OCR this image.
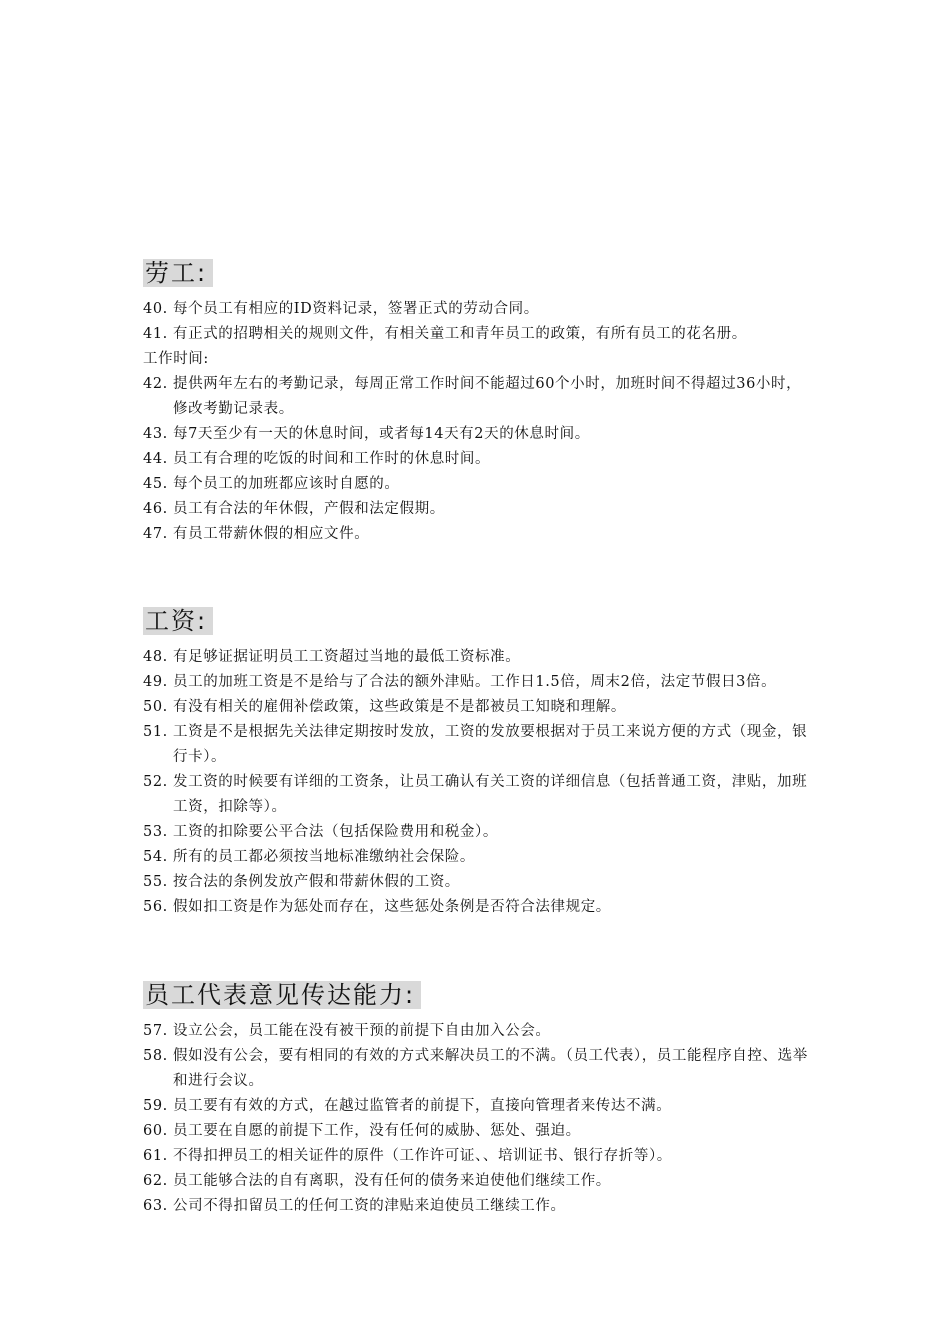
劳工:
40. 每个员工有相应的ID资料记录，签署正式的劳动合同。
41. 有正式的招聘相关的规则文件，有相关童工和青年员工的政策，有所有员工的花名册。

工作时间:

42. 提供两年左右的考勤记录，每周正常工作时间不能超过60个小时，加班时间不得超过36小时，修改考勤记录表。
43. 每7天至少有一天的休息时间，或者每14天有2天的休息时间。
44. 员工有合理的吃饭的时间和工作时的休息时间。
45. 每个员工的加班都应该时自愿的。
46. 员工有合法的年休假，产假和法定假期。
47. 有员工带薪休假的相应文件。
工资:
48. 有足够证据证明员工工资超过当地的最低工资标准。
49. 员工的加班工资是不是给与了合法的额外津贴。工作日1.5倍，周末2倍，法定节假日3倍。
50. 有没有相关的雇佣补偿政策，这些政策是不是都被员工知晓和理解。
51. 工资是不是根据先关法律定期按时发放，工资的发放要根据对于员工来说方便的方式（现金，银行卡）。
52. 发工资的时候要有详细的工资条，让员工确认有关工资的详细信息（包括普通工资，津贴，加班工资，扣除等）。
53. 工资的扣除要公平合法（包括保险费用和税金）。
54. 所有的员工都必须按当地标准缴纳社会保险。
55. 按合法的条例发放产假和带薪休假的工资。
56. 假如扣工资是作为惩处而存在，这些惩处条例是否符合法律规定。
员工代表意见传达能力:
57. 设立公会，员工能在没有被干预的前提下自由加入公会。
58. 假如没有公会，要有相同的有效的方式来解决员工的不满。（员工代表），员工能程序自控、选举和进行会议。
59. 员工要有有效的方式，在越过监管者的前提下，直接向管理者来传达不满。
60. 员工要在自愿的前提下工作，没有任何的威胁、惩处、强迫。
61. 不得扣押员工的相关证件的原件（工作许可证、、培训证书、银行存折等）。
62. 员工能够合法的自有离职，没有任何的债务来迫使他们继续工作。
63. 公司不得扣留员工的任何工资的津贴来迫使员工继续工作。
